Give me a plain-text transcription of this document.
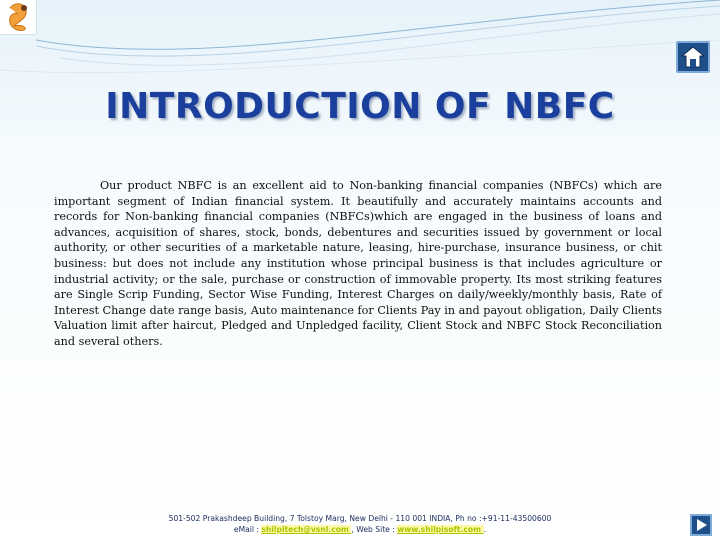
INTRODUCTION OF NBFC

Our product NBFC is an excellent aid to Non-banking financial companies (NBFCs) which are important segment of Indian financial system. It beautifully and accurately maintains accounts and records for Non-banking financial companies (NBFCs)which are engaged in the business of loans and advances, acquisition of shares, stock, bonds, debentures and securities issued by government or local authority, or other securities of a marketable nature, leasing, hire-purchase, insurance business, or chit business: but does not include any institution whose principal business is that includes agriculture or industrial activity; or the sale, purchase or construction of immovable property. Its most striking features are Single Scrip Funding, Sector Wise Funding, Interest Charges on daily/weekly/monthly basis, Rate of Interest Change date range basis, Auto maintenance for Clients Pay in and payout obligation, Daily Clients Valuation limit after haircut, Pledged and Unpledged facility, Client Stock and NBFC Stock Reconciliation and several others.

501-502 Prakashdeep Building, 7 Tolstoy Marg, New Delhi - 110 001 INDIA, Ph no :+91-11-43500600
eMail : shilpitech@vsnl.com , Web Site : www.shilpisoft.com .
